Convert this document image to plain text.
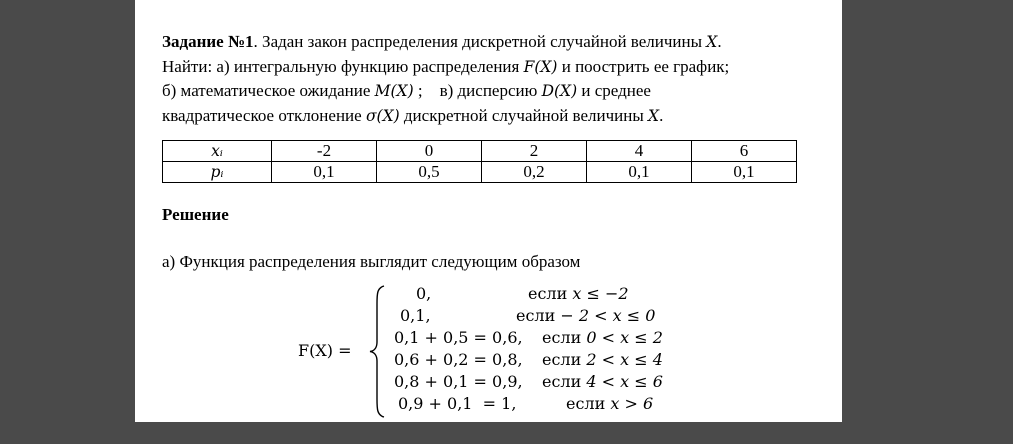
Задание №1. Задан закон распределения дискретной случайной величины X.
Найти: а) интегральную функцию распределения F(X) и поострить ее график;
б) математическое ожидание M(X) ;    в) дисперсию D(X) и среднее
квадратическое отклонение σ(X) дискретной случайной величины X.

xᵢ	-2	0	2	4	6
pᵢ	0,1	0,5	0,2	0,1	0,1
Решение
а) Функция распределения выглядит следующим образом
F(X) =
0,	если x ≤ −2
0,1,	если − 2 < x ≤ 0
0,1 + 0,5 = 0,6, если 0 < x ≤ 2
0,6 + 0,2 = 0,8, если 2 < x ≤ 4
0,8 + 0,1 = 0,9, если 4 < x ≤ 6
0,9 + 0,1  = 1,	если x > 6
